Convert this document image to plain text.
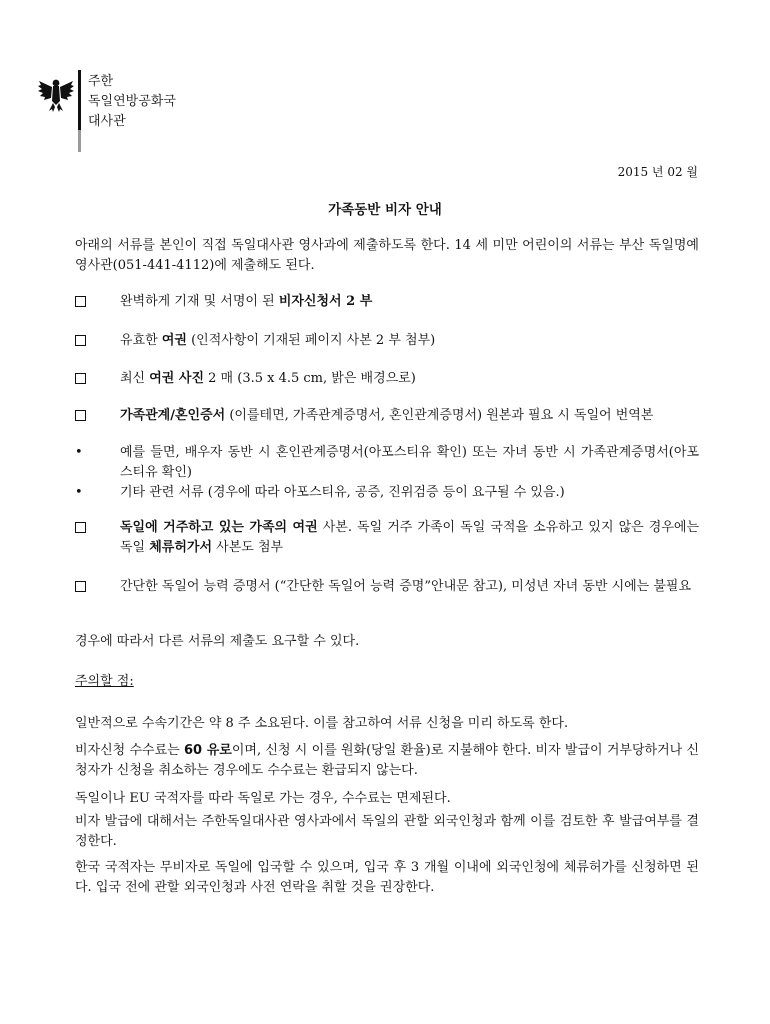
주한
독일연방공화국
대사관
2015 년 02 월
가족동반 비자 안내
아래의 서류를 본인이 직접 독일대사관 영사과에 제출하도록 한다. 14 세 미만 어린이의 서류는 부산 독일명예영사관(051-441-4112)에 제출해도 된다.
완벽하게 기재 및 서명이 된 비자신청서 2 부
유효한 여권 (인적사항이 기재된 페이지 사본 2 부 첨부)
최신 여권 사진 2 매 (3.5 x 4.5 cm, 밝은 배경으로)
가족관계/혼인증서 (이를테면, 가족관계증명서, 혼인관계증명서) 원본과 필요 시 독일어 번역본
•	예를 들면, 배우자 동반 시 혼인관계증명서(아포스티유 확인) 또는 자녀 동반 시 가족관계증명서(아포스티유 확인)
•	기타 관련 서류 (경우에 따라 아포스티유, 공증, 진위검증 등이 요구될 수 있음.)
독일에 거주하고 있는 가족의 여권 사본. 독일 거주 가족이 독일 국적을 소유하고 있지 않은 경우에는 독일 체류허가서 사본도 첨부
간단한 독일어 능력 증명서 (“간단한 독일어 능력 증명”안내문 참고), 미성년 자녀 동반 시에는 불필요
경우에 따라서 다른 서류의 제출도 요구할 수 있다.
주의할 점:
일반적으로 수속기간은 약 8 주 소요된다. 이를 참고하여 서류 신청을 미리 하도록 한다.
비자신청 수수료는 60 유로이며, 신청 시 이를 원화(당일 환율)로 지불해야 한다. 비자 발급이 거부당하거나 신청자가 신청을 취소하는 경우에도 수수료는 환급되지 않는다.
독일이나 EU 국적자를 따라 독일로 가는 경우, 수수료는 면제된다.
비자 발급에 대해서는 주한독일대사관 영사과에서 독일의 관할 외국인청과 함께 이를 검토한 후 발급여부를 결정한다.
한국 국적자는 무비자로 독일에 입국할 수 있으며, 입국 후 3 개월 이내에 외국인청에 체류허가를 신청하면 된다. 입국 전에 관할 외국인청과 사전 연락을 취할 것을 권장한다.
